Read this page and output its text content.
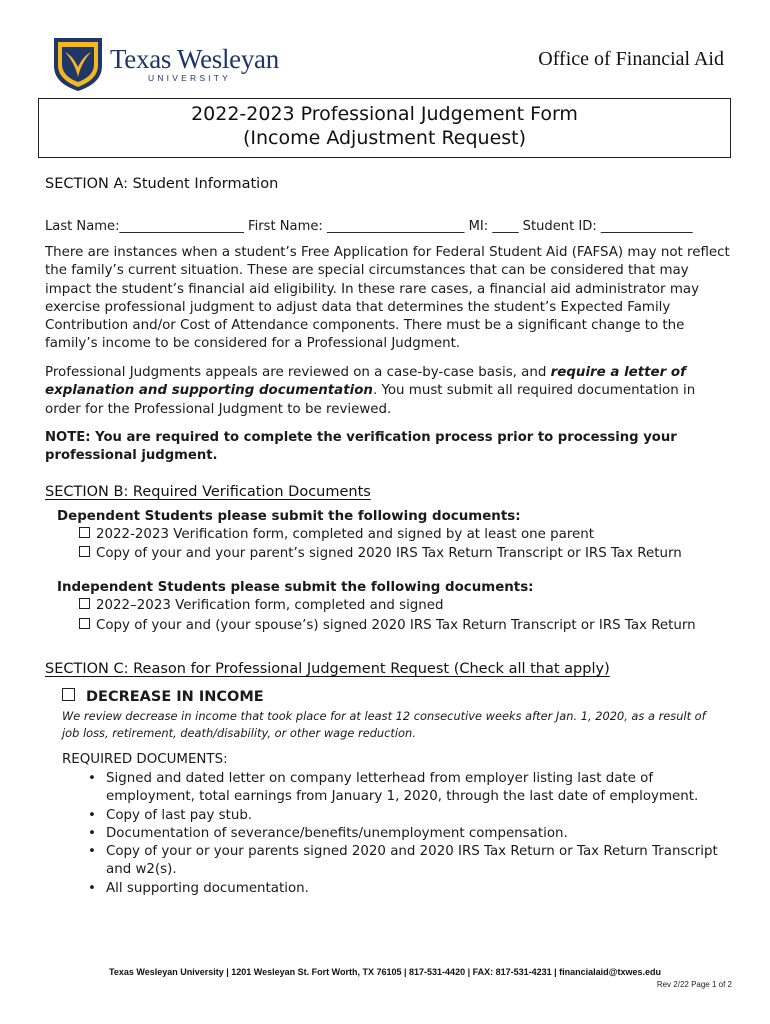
Texas Wesleyan
UNIVERSITY
Office of Financial Aid
2022-2023 Professional Judgement Form
(Income Adjustment Request)
SECTION A: Student Information
Last Name:___________________ First Name: _____________________ MI: ____ Student ID: ______________
There are instances when a student’s Free Application for Federal Student Aid (FAFSA) may not reflect the family’s current situation. These are special circumstances that can be considered that may impact the student’s financial aid eligibility. In these rare cases, a financial aid administrator may exercise professional judgment to adjust data that determines the student’s Expected Family Contribution and/or Cost of Attendance components. There must be a significant change to the family’s income to be considered for a Professional Judgment.
Professional Judgments appeals are reviewed on a case-by-case basis, and require a letter of explanation and supporting documentation. You must submit all required documentation in order for the Professional Judgment to be reviewed.
NOTE: You are required to complete the verification process prior to processing your professional judgment.
SECTION B: Required Verification Documents
Dependent Students please submit the following documents:
2022-2023 Verification form, completed and signed by at least one parent
Copy of your and your parent’s signed 2020 IRS Tax Return Transcript or IRS Tax Return
Independent Students please submit the following documents:
2022–2023 Verification form, completed and signed
Copy of your and (your spouse’s) signed 2020 IRS Tax Return Transcript or IRS Tax Return
SECTION C: Reason for Professional Judgement Request (Check all that apply)
DECREASE IN INCOME
We review decrease in income that took place for at least 12 consecutive weeks after Jan. 1, 2020, as a result of job loss, retirement, death/disability, or other wage reduction.
REQUIRED DOCUMENTS:
• Signed and dated letter on company letterhead from employer listing last date of employment, total earnings from January 1, 2020, through the last date of employment.
• Copy of last pay stub.
• Documentation of severance/benefits/unemployment compensation.
• Copy of your or your parents signed 2020 and 2020 IRS Tax Return or Tax Return Transcript and w2(s).
• All supporting documentation.
Texas Wesleyan University | 1201 Wesleyan St. Fort Worth, TX 76105 | 817-531-4420 | FAX: 817-531-4231 | financialaid@txwes.edu
Rev 2/22 Page 1 of 2
